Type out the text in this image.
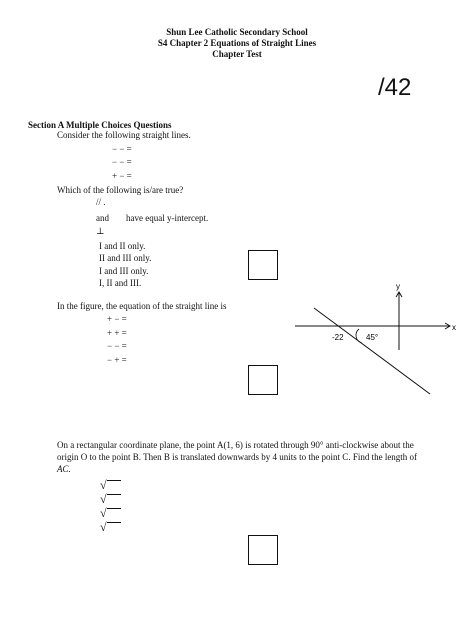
Shun Lee Catholic Secondary School
S4 Chapter 2 Equations of Straight Lines
Chapter Test
/42
Section A Multiple Choices Questions
Consider the following straight lines.
− − =
− − =
+ − =
Which of the following is/are true?
// .
and have equal y-intercept.
⊥
I and II only.
II and III only.
I and III only.
I, II and III.
In the figure, the equation of the straight line is
+ − =
+ + =
− − =
− + =
y
x
-22	45°
On a rectangular coordinate plane, the point A(1, 6) is rotated through 90° anti-clockwise about the
origin O to the point B. Then B is translated downwards by 4 units to the point C. Find the length of
AC.
√
√
√
√
